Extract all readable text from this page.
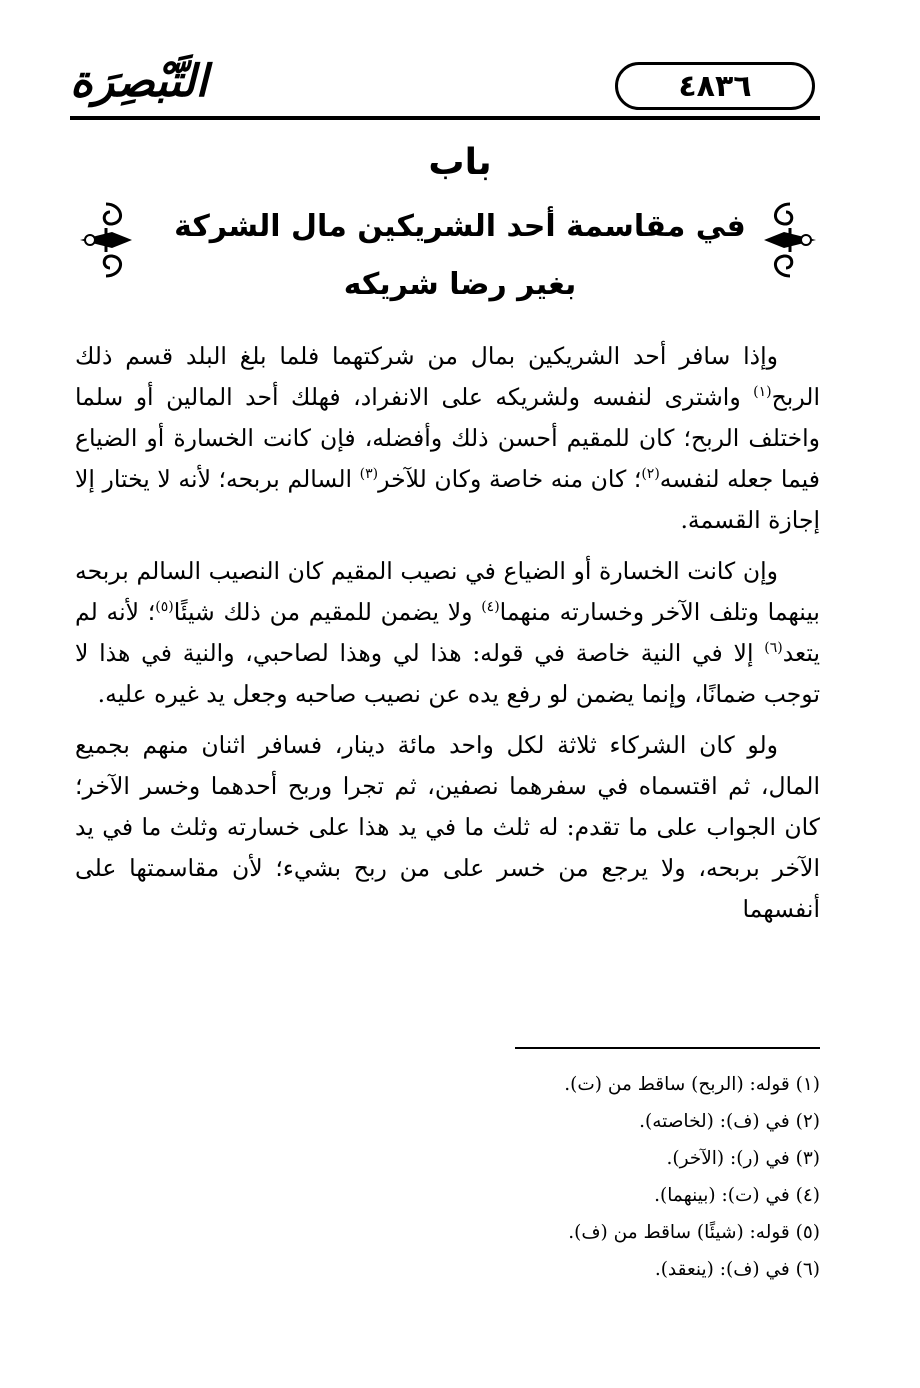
٤٨٣٦
التَّبْصِرَة
باب
في مقاسمة أحد الشريكين مال الشركة
بغير رضا شريكه

وإذا سافر أحد الشريكين بمال من شركتهما فلما بلغ البلد قسم ذلك الربح$^{(١)}$ واشترى لنفسه ولشريكه على الانفراد، فهلك أحد المالين أو سلما واختلف الربح؛ كان للمقيم أحسن ذلك وأفضله، فإن كانت الخسارة أو الضياع فيما جعله لنفسه$^{(٢)}$؛ كان منه خاصة وكان للآخر$^{(٣)}$ السالم بربحه؛ لأنه لا يختار إلا إجازة القسمة.

وإن كانت الخسارة أو الضياع في نصيب المقيم كان النصيب السالم بربحه بينهما وتلف الآخر وخسارته منهما$^{(٤)}$ ولا يضمن للمقيم من ذلك شيئًا$^{(٥)}$؛ لأنه لم يتعد$^{(٦)}$ إلا في النية خاصة في قوله: هذا لي وهذا لصاحبي، والنية في هذا لا توجب ضمانًا، وإنما يضمن لو رفع يده عن نصيب صاحبه وجعل يد غيره عليه.

ولو كان الشركاء ثلاثة لكل واحد مائة دينار، فسافر اثنان منهم بجميع المال، ثم اقتسماه في سفرهما نصفين، ثم تجرا وربح أحدهما وخسر الآخر؛ كان الجواب على ما تقدم: له ثلث ما في يد هذا على خسارته وثلث ما في يد الآخر بربحه، ولا يرجع من خسر على من ربح بشيء؛ لأن مقاسمتها على أنفسهما

(١) قوله: (الربح) ساقط من (ت).
(٢) في (ف): (لخاصته).
(٣) في (ر): (الآخر).
(٤) في (ت): (بينهما).
(٥) قوله: (شيئًا) ساقط من (ف).
(٦) في (ف): (ينعقد).
